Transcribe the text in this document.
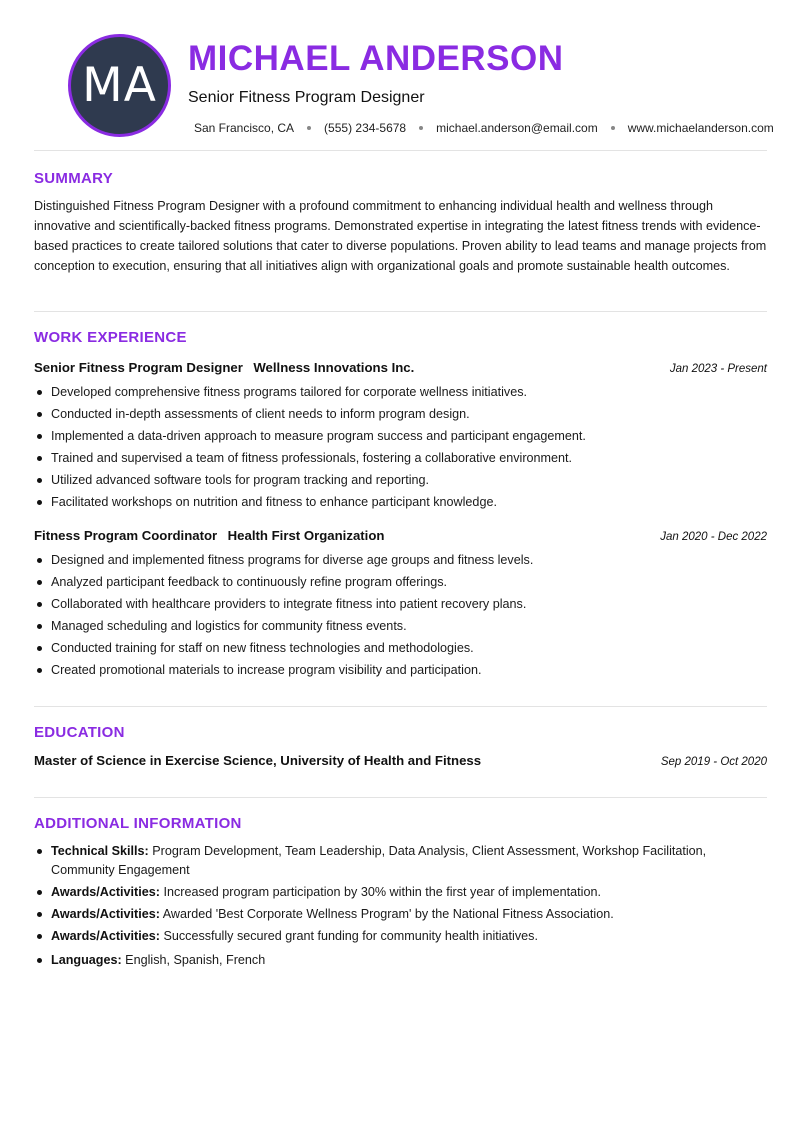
MA MICHAEL ANDERSON
Senior Fitness Program Designer
San Francisco, CA	(555) 234-5678	michael.anderson@email.com	www.michaelanderson.com
SUMMARY
Distinguished Fitness Program Designer with a profound commitment to enhancing individual health and wellness through innovative and scientifically-backed fitness programs. Demonstrated expertise in integrating the latest fitness trends with evidence-based practices to create tailored solutions that cater to diverse populations. Proven ability to lead teams and manage projects from conception to execution, ensuring that all initiatives align with organizational goals and promote sustainable health outcomes.
WORK EXPERIENCE
Senior Fitness Program Designer Wellness Innovations Inc.	Jan 2023 - Present
Developed comprehensive fitness programs tailored for corporate wellness initiatives.
Conducted in-depth assessments of client needs to inform program design.
Implemented a data-driven approach to measure program success and participant engagement.
Trained and supervised a team of fitness professionals, fostering a collaborative environment.
Utilized advanced software tools for program tracking and reporting.
Facilitated workshops on nutrition and fitness to enhance participant knowledge.
Fitness Program Coordinator Health First Organization	Jan 2020 - Dec 2022
Designed and implemented fitness programs for diverse age groups and fitness levels.
Analyzed participant feedback to continuously refine program offerings.
Collaborated with healthcare providers to integrate fitness into patient recovery plans.
Managed scheduling and logistics for community fitness events.
Conducted training for staff on new fitness technologies and methodologies.
Created promotional materials to increase program visibility and participation.
EDUCATION
Master of Science in Exercise Science, University of Health and Fitness	Sep 2019 - Oct 2020
ADDITIONAL INFORMATION
Technical Skills: Program Development, Team Leadership, Data Analysis, Client Assessment, Workshop Facilitation, Community Engagement
Awards/Activities: Increased program participation by 30% within the first year of implementation.
Awards/Activities: Awarded 'Best Corporate Wellness Program' by the National Fitness Association.
Awards/Activities: Successfully secured grant funding for community health initiatives.
Languages: English, Spanish, French
